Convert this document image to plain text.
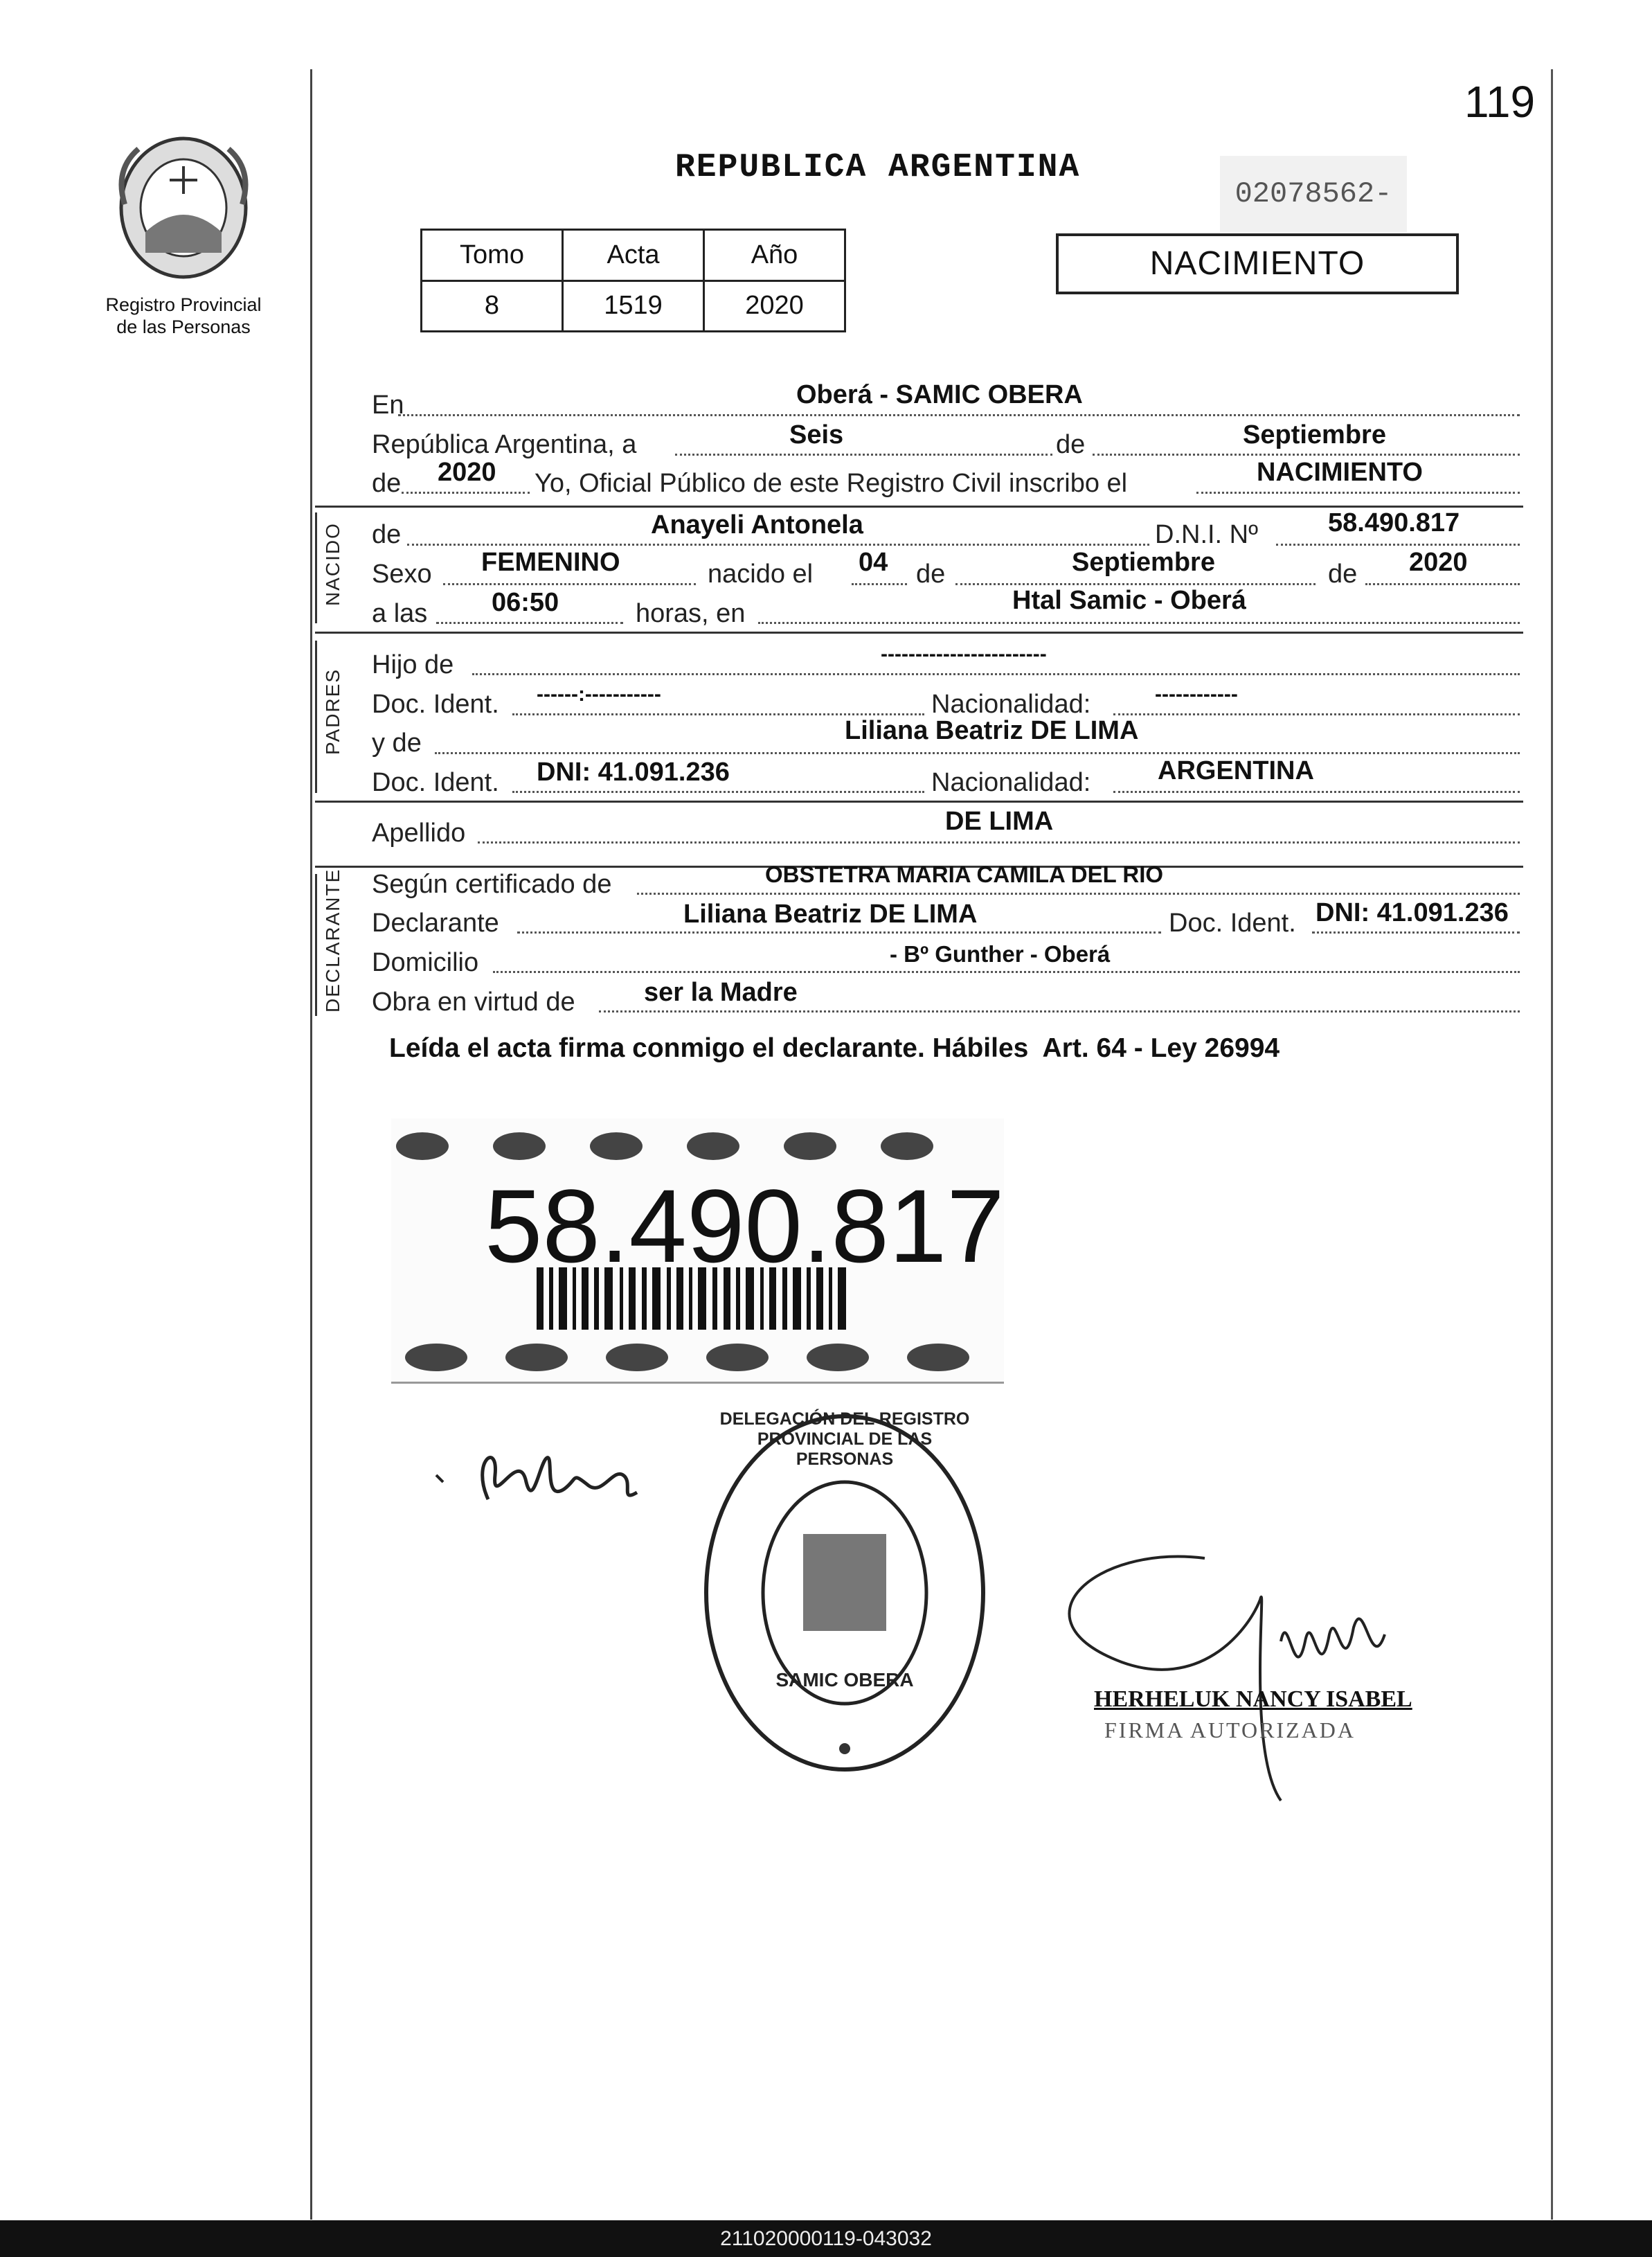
119
Registro Provincial
de las Personas
REPUBLICA ARGENTINA
02078562-
Tomo	Acta	Año
8	1519	2020
NACIMIENTO
En	Oberá - SAMIC OBERA
República Argentina, a	Seis	de	Septiembre
de 2020 Yo, Oficial Público de este Registro Civil inscribo el	NACIMIENTO
NACIDO de	Anayeli Antonela	D.N.I. Nº	58.490.817
Sexo FEMENINO	nacido el 04 de	Septiembre	de 2020
a las 06:50	horas, en	Htal Samic - Oberá
PADRES
Hijo de	------------------------
Doc. Ident. ------:-----------	Nacionalidad:	------------
y de	Liliana Beatriz DE LIMA
Doc. Ident. DNI: 41.091.236	Nacionalidad:	ARGENTINA
Apellido	DE LIMA
DECLARANTE Según certificado de	OBSTETRA MARIA CAMILA DEL RIO
Declarante	Liliana Beatriz DE LIMA	Doc. Ident. DNI: 41.091.236
Domicilio	- Bº Gunther - Oberá
Obra en virtud de	ser la Madre
Leída el acta firma conmigo el declarante. Hábiles  Art. 64 - Ley 26994
58.490.817
DELEGACIÓN DEL REGISTRO PROVINCIAL DE LAS PERSONAS
SAMIC OBERA
HERHELUK NANCY ISABEL
FIRMA AUTORIZADA
211020000119-043032
